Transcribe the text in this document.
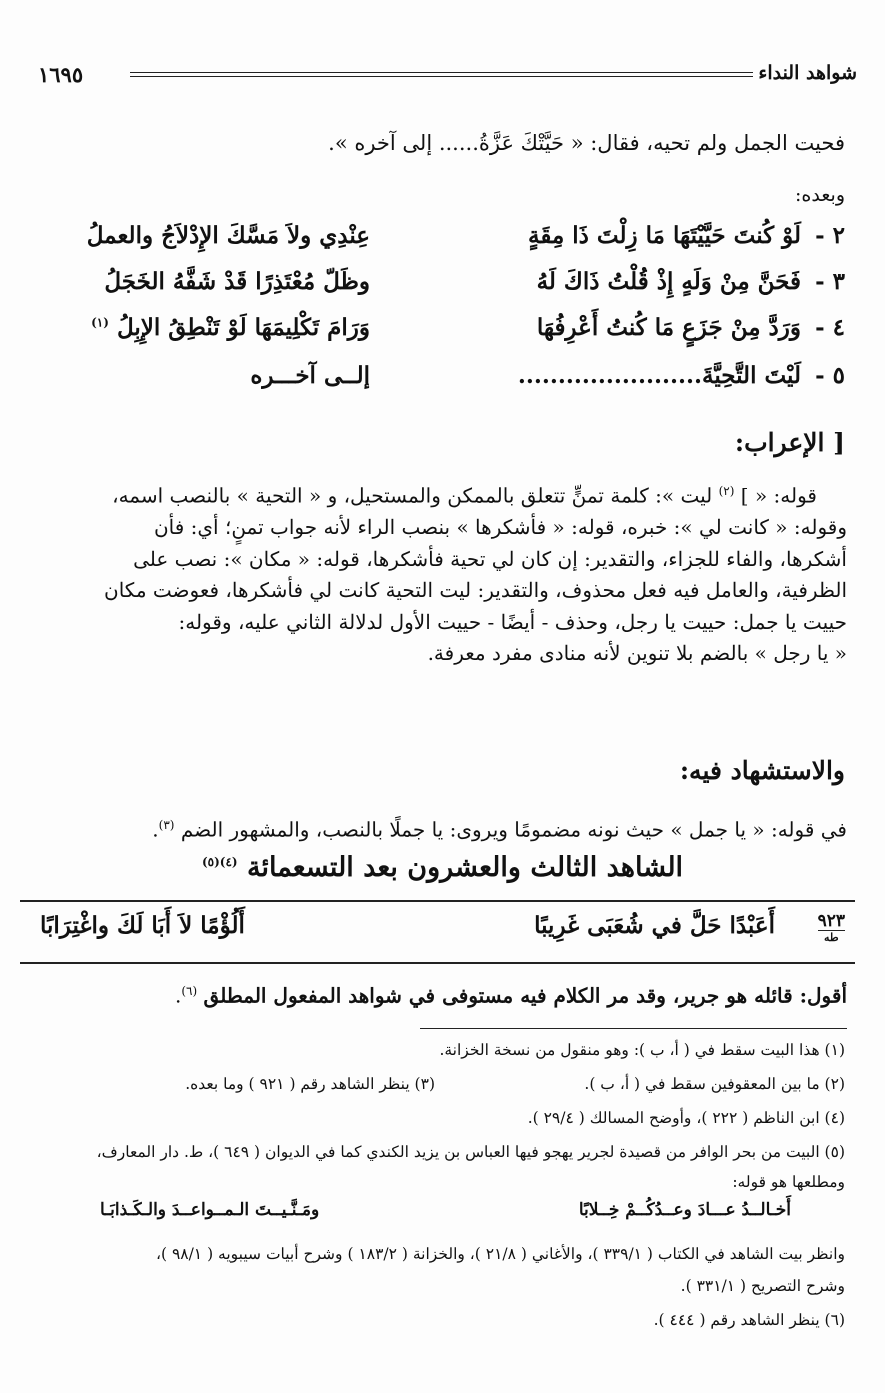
شواهد النداء
١٦٩٥
فحيت الجمل ولم تحيه، فقال: « حَيَّتْكَ عَزَّةُ...... إلى آخره ».
وبعده:
٢ -
لَوْ كُنتَ حَيَّيْتَهَا مَا زِلْتَ ذَا مِقَةٍ
عِنْدِي ولاَ مَسَّكَ الإِدْلاَجُ والعملُ
٣ -
فَحَنَّ مِنْ وَلَهٍ إِذْ قُلْتُ ذَاكَ لَهُ
وظَلّ مُعْتَذِرًا قَدْ شَفَّهُ الخَجَلُ
٤ -
وَرَدَّ مِنْ جَزَعٍ مَا كُنتُ أَعْرِفُهَا
وَرَامَ تَكْلِيمَهَا لَوْ تَنْطِقُ الإِبِلُ $^{(١)}$
٥ -
لَيْتَ التَّحِيَّةَ.......................
إلــى آخـــره
[ الإعراب:

قوله: « ] $^{(٢)}$ ليت »: كلمة تمنٍّ تتعلق بالممكن والمستحيل، و « التحية » بالنصب اسمه،

وقوله: « كانت لي »: خبره، قوله: « فأشكرها » بنصب الراء لأنه جواب تمنٍ؛ أي: فأن

أشكرها، والفاء للجزاء، والتقدير: إن كان لي تحية فأشكرها، قوله: « مكان »: نصب على

الظرفية، والعامل فيه فعل محذوف، والتقدير: ليت التحية كانت لي فأشكرها، فعوضت مكان

حييت يا جمل: حييت يا رجل، وحذف - أيضًا - حييت الأول لدلالة الثاني عليه، وقوله:

« يا رجل » بالضم بلا تنوين لأنه منادى مفرد معرفة.

والاستشهاد فيه:
في قوله: « يا جمل » حيث نونه مضمومًا ويروى: يا جملًا بالنصب، والمشهور الضم $^{(٣)}$.
الشاهد الثالث والعشرون بعد التسعمائة $^{(٤)(٥)}$
٩٢٣
طه
أَعَبْدًا حَلَّ في شُعَبَى غَرِيبًا
أَلُؤْمًا لاَ أَبَا لَكَ واغْتِرَابًا
أقول: قائله هو جرير، وقد مر الكلام فيه مستوفى في شواهد المفعول المطلق $^{(٦)}$.
(١) هذا البيت سقط في ( أ، ب ): وهو منقول من نسخة الخزانة.
(٢) ما بين المعقوفين سقط في ( أ، ب ).
(٣) ينظر الشاهد رقم ( ٩٢١ ) وما بعده.
(٤) ابن الناظم ( ٢٢٢ )، وأوضح المسالك ( ٢٩/٤ ).
(٥) البيت من بحر الوافر من قصيدة لجرير يهجو فيها العباس بن يزيد الكندي كما في الديوان ( ٦٤٩ )، ط. دار المعارف،
ومطلعها هو قوله:
أَخـالــدُ عـــادَ وعــدُكُــمْ خِــلابًا
ومَـنَّـيــتَ الـمــواعــدَ والـكَـذابَـا
وانظر بيت الشاهد في الكتاب ( ٣٣٩/١ )، والأغاني ( ٢١/٨ )، والخزانة ( ١٨٣/٢ ) وشرح أبيات سيبويه ( ٩٨/١ )،
وشرح التصريح ( ٣٣١/١ ).
(٦) ينظر الشاهد رقم ( ٤٤٤ ).
